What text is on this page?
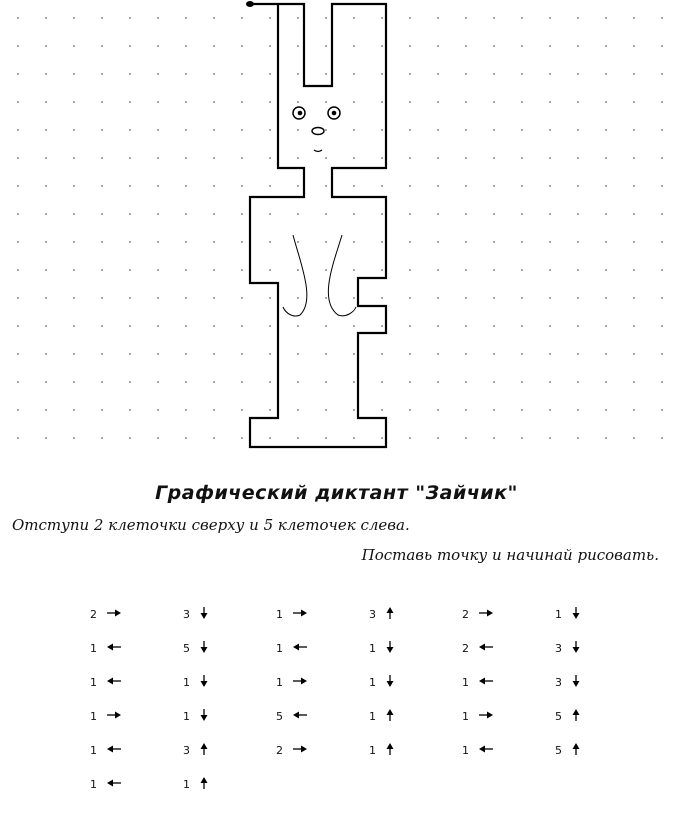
Графический диктант "Зайчик"
Отступи 2 клеточки сверху и 5 клеточек слева.
Поставь точку и начинай рисовать.
2	3	1	3	2	1
1	5	1	1	2	3
1	1	1	1	1	3
1	1	5	1	1	5
1	3	2	1	1	5
1	1
